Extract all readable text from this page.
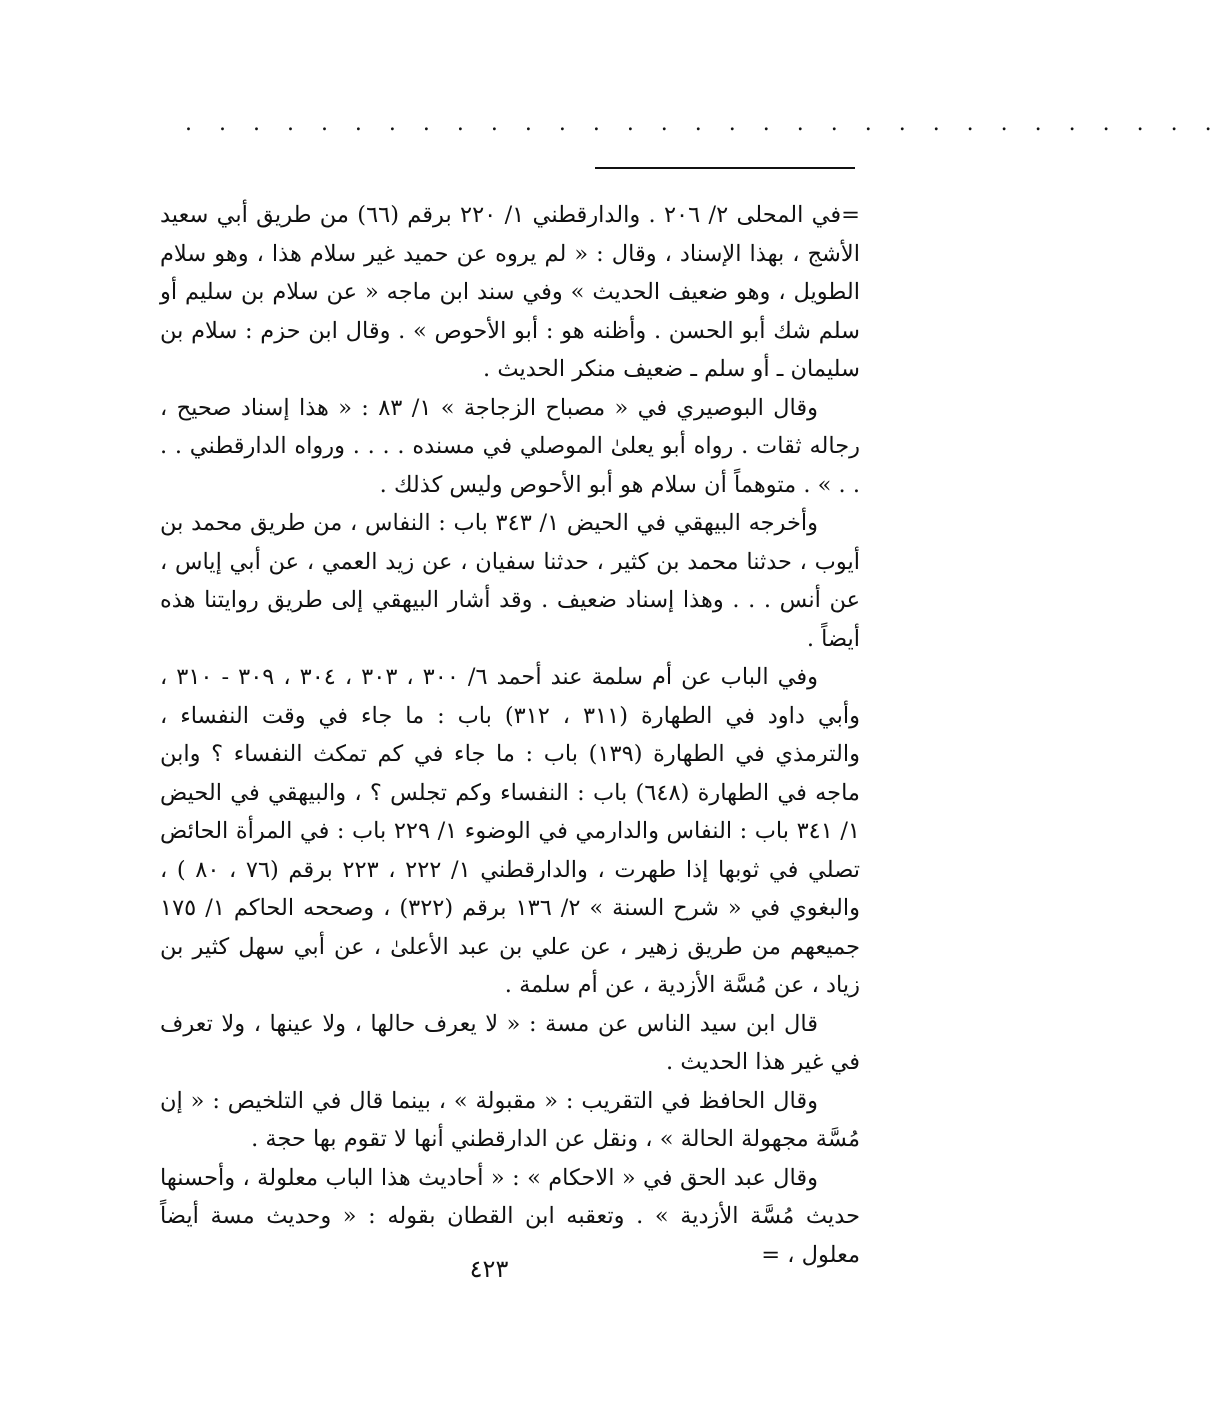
. . . . . . . . . . . . . . . . . . . . . . . . . . . . . . .

=في المحلى ٢/ ٢٠٦ . والدارقطني ١/ ٢٢٠ برقم (٦٦) من طريق أبي سعيد الأشج ، بهذا الإسناد ، وقال : « لم يروه عن حميد غير سلام هذا ، وهو سلام الطويل ، وهو ضعيف الحديث » وفي سند ابن ماجه « عن سلام بن سليم أو سلم شك أبو الحسن . وأظنه هو : أبو الأحوص » . وقال ابن حزم : سلام بن سليمان ـ أو سلم ـ ضعيف منكر الحديث .

وقال البوصيري في « مصباح الزجاجة » ١/ ٨٣ : « هذا إسناد صحيح ، رجاله ثقات . رواه أبو يعلىٰ الموصلي في مسنده . . . . ورواه الدارقطني . . . . » . متوهماً أن سلام هو أبو الأحوص وليس كذلك .

وأخرجه البيهقي في الحيض ١/ ٣٤٣ باب : النفاس ، من طريق محمد بن أيوب ، حدثنا محمد بن كثير ، حدثنا سفيان ، عن زيد العمي ، عن أبي إياس ، عن أنس . . . وهذا إسناد ضعيف . وقد أشار البيهقي إلى طريق روايتنا هذه أيضاً .

وفي الباب عن أم سلمة عند أحمد ٦/ ٣٠٠ ، ٣٠٣ ، ٣٠٤ ، ٣٠٩ - ٣١٠ ، وأبي داود في الطهارة (٣١١ ، ٣١٢) باب : ما جاء في وقت النفساء ، والترمذي في الطهارة (١٣٩) باب : ما جاء في كم تمكث النفساء ؟ وابن ماجه في الطهارة (٦٤٨) باب : النفساء وكم تجلس ؟ ، والبيهقي في الحيض ١/ ٣٤١ باب : النفاس والدارمي في الوضوء ١/ ٢٢٩ باب : في المرأة الحائض تصلي في ثوبها إذا طهرت ، والدارقطني ١/ ٢٢٢ ، ٢٢٣ برقم (٧٦ ، ٨٠ ) ، والبغوي في « شرح السنة » ٢/ ١٣٦ برقم (٣٢٢) ، وصححه الحاكم ١/ ١٧٥ جميعهم من طريق زهير ، عن علي بن عبد الأعلىٰ ، عن أبي سهل كثير بن زياد ، عن مُسَّة الأزدية ، عن أم سلمة .

قال ابن سيد الناس عن مسة : « لا يعرف حالها ، ولا عينها ، ولا تعرف في غير هذا الحديث .

وقال الحافظ في التقريب : « مقبولة » ، بينما قال في التلخيص : « إن مُسَّة مجهولة الحالة » ، ونقل عن الدارقطني أنها لا تقوم بها حجة .

وقال عبد الحق في « الاحكام » : « أحاديث هذا الباب معلولة ، وأحسنها حديث مُسَّة الأزدية » . وتعقبه ابن القطان بقوله : « وحديث مسة أيضاً معلول ، =

٤٢٣
